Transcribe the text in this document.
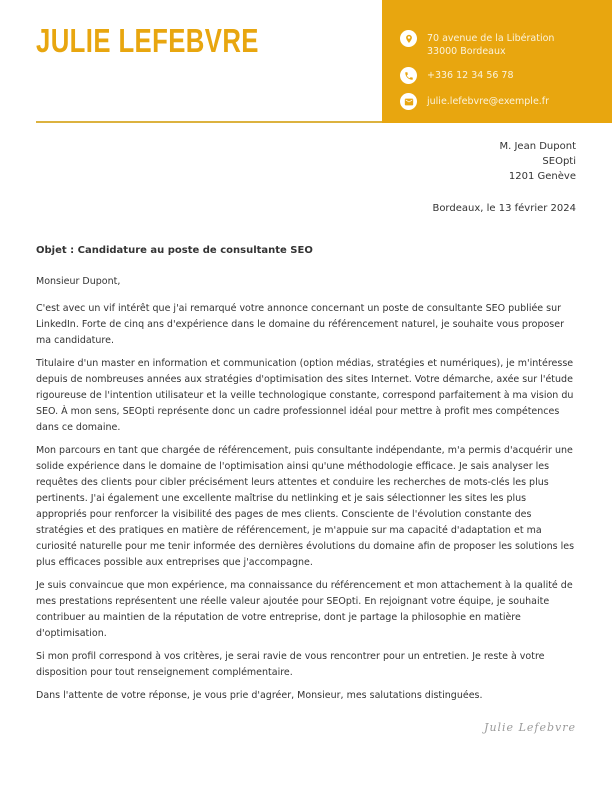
JULIE LEFEBVRE	70 avenue de la Libération
33000 Bordeaux
+336 12 34 56 78
julie.lefebvre@exemple.fr
M. Jean Dupont
SEOpti
1201 Genève
Bordeaux, le 13 février 2024
Objet : Candidature au poste de consultante SEO
Monsieur Dupont,

C'est avec un vif intérêt que j'ai remarqué votre annonce concernant un poste de consultante SEO publiée sur LinkedIn. Forte de cinq ans d'expérience dans le domaine du référencement naturel, je souhaite vous proposer ma candidature.

Titulaire d'un master en information et communication (option médias, stratégies et numériques), je m'intéresse depuis de nombreuses années aux stratégies d'optimisation des sites Internet. Votre démarche, axée sur l'étude rigoureuse de l'intention utilisateur et la veille technologique constante, correspond parfaitement à ma vision du SEO. À mon sens, SEOpti représente donc un cadre professionnel idéal pour mettre à profit mes compétences dans ce domaine.

Mon parcours en tant que chargée de référencement, puis consultante indépendante, m'a permis d'acquérir une solide expérience dans le domaine de l'optimisation ainsi qu'une méthodologie efficace. Je sais analyser les requêtes des clients pour cibler précisément leurs attentes et conduire les recherches de mots-clés les plus pertinents. J'ai également une excellente maîtrise du netlinking et je sais sélectionner les sites les plus appropriés pour renforcer la visibilité des pages de mes clients. Consciente de l'évolution constante des stratégies et des pratiques en matière de référencement, je m'appuie sur ma capacité d'adaptation et ma curiosité naturelle pour me tenir informée des dernières évolutions du domaine afin de proposer les solutions les plus efficaces possible aux entreprises que j'accompagne.

Je suis convaincue que mon expérience, ma connaissance du référencement et mon attachement à la qualité de mes prestations représentent une réelle valeur ajoutée pour SEOpti. En rejoignant votre équipe, je souhaite contribuer au maintien de la réputation de votre entreprise, dont je partage la philosophie en matière d'optimisation.

Si mon profil correspond à vos critères, je serai ravie de vous rencontrer pour un entretien. Je reste à votre disposition pour tout renseignement complémentaire.

Dans l'attente de votre réponse, je vous prie d'agréer, Monsieur, mes salutations distinguées.

Julie Lefebvre
